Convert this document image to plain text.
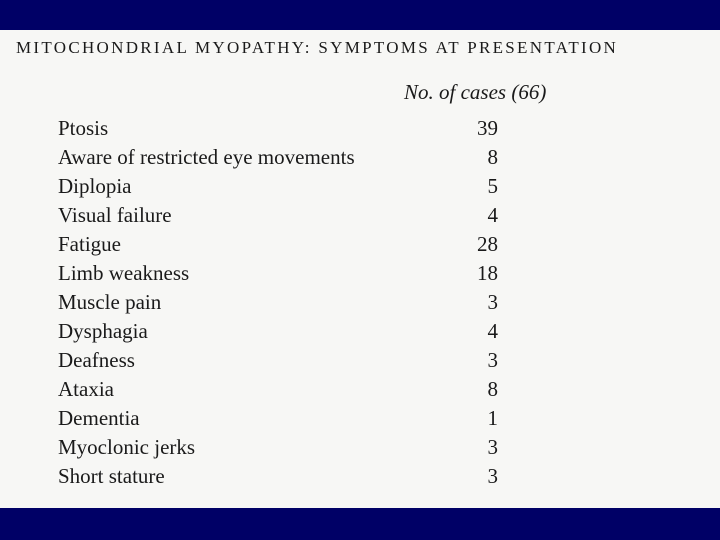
MITOCHONDRIAL MYOPATHY: SYMPTOMS AT PRESENTATION
No. of cases (66)
Ptosis	39
Aware of restricted eye movements	8
Diplopia	5
Visual failure	4
Fatigue	28
Limb weakness	18
Muscle pain	3
Dysphagia	4
Deafness	3
Ataxia	8
Dementia	1
Myoclonic jerks	3
Short stature	3
